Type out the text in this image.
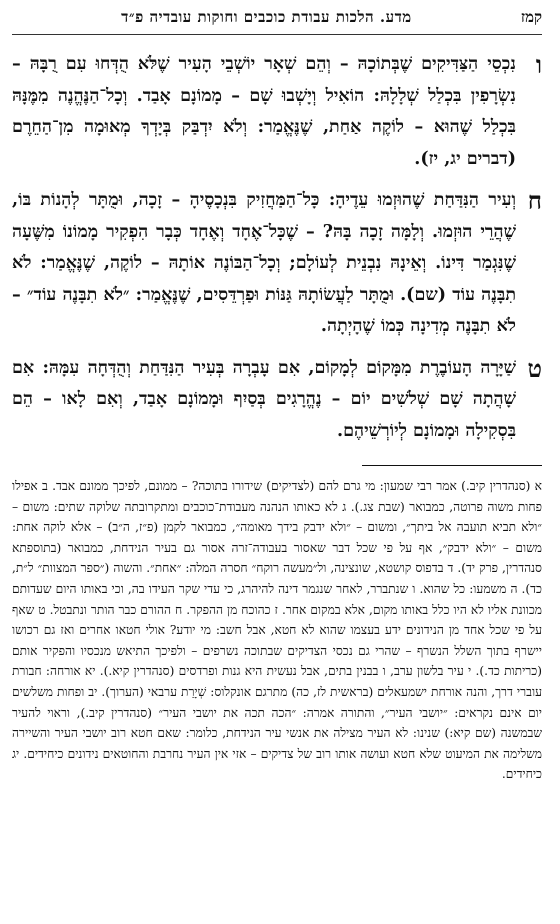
קמז
מדע. הלכות עבודת כוכבים וחוקות עובדיה פ״ד
ו
נִכְסֵי הַצַּדִּיקִים שֶׁבְּתוֹכָהּ – וְהֵם שְׁאָר יוֹשְׁבֵי הָעִיר שֶׁלֹּא הֻדְּחוּ עִם רֻבָּהּ – נִשְׂרָפִין בִּכְלַל שְׁלָלָהּ: הוֹאִיל וְיָשְׁבוּ שָׁם – מָמוֹנָם אָבַד. וְכָל־הַנֶּהֱנֶה מִמֶּנָּהּ בִּכְלַל שֶׁהוּא – לוֹקֶה אַחַת, שֶׁנֶּאֱמַר: וְלֹא יִדְבַּק בְּיָדְךָ מְאוּמָה מִן־הַחֵרֶם (דברים יג, יז).
ח
וְעִיר הַנִּדַּחַת שֶׁהוּזְמוּ עֵדֶיהָ: כָּל־הַמַּחֲזִיק בִּנְכָסֶיהָ – זָכָה, וּמֻתָּר לְהָנוֹת בּוֹ, שֶׁהֲרֵי הוּזְמוּ. וְלָמָּה זָכָה בָּהּ? – שֶׁכָּל־אֶחָד וְאֶחָד כְּבָר הִפְקִיר מָמוֹנוֹ מִשֶּׁעָה שֶׁנִּגְמַר דִּינוֹ. וְאֵינָהּ נִבְנֵית לְעוֹלָם; וְכָל־הַבּוֹנֶה אוֹתָהּ – לוֹקֶה, שֶׁנֶּאֱמַר: לֹא תִבָּנֶה עוֹד (שם). וּמֻתָּר לַעֲשׂוֹתָהּ גַּנּוֹת וּפַרְדֵּסִים, שֶׁנֶּאֱמַר: ״לֹא תִבָּנֶה עוֹד״ – לֹא תִבָּנֶה מְדִינָה כְּמוֹ שֶׁהָיְתָה.
ט
שַׁיָּרָה הָעוֹבֶרֶת מִמָּקוֹם לְמָקוֹם, אִם עָבְרָה בְּעִיר הַנִּדַּחַת וְהֻדְּחָה עִמָּהּ: אִם שָׁהֲתָה שָׁם שְׁלֹשִׁים יוֹם – נֶהֱרָגִים בְּסַיִף וּמָמוֹנָם אָבַד, וְאִם לָאו – הֵם בִּסְקִילָה וּמָמוֹנָם לְיוֹרְשֵׁיהֶם.
א (סנהדרין קיב.) אמר רבי שמעון: מי גרם להם (לצדיקים) שידורו בתוכה? – ממונם, לפיכך ממונם אבד. ב אפילו פחות משוה פרוטה, כמבואר (שבת צג.). ג לא כאותו הנהנה מעבודת־כוכבים ומתקרובתה שלוקה שתים: משום – ״ולא תביא תועבה אל ביתך״, ומשום – ״ולא ידבק בידך מאומה״, כמבואר לקמן (פ״ז, ה״ב) – אלא לוקה אחת: משום – ״ולא ידבק״, אף על פי שכל דבר שאסור בעבודה־זרה אסור גם בעיר הנידחת, כמבואר (בתוספתא סנהדרין, פרק יד). ד בדפוס קושטא, שונצינה, ול״מעשה רוקח״ חסרה המלה: ״אחת״. והשוה (״ספר המצוות״ ל״ת, כד). ה משמעו: כל שהוא. ו שנתברר, לאחר שנגמר דינה להיהרג, כי עדי שקר העידו בה, וכי באותו היום שעדותם מכוונת אליו לא היו כלל באותו מקום, אלא במקום אחר. ז כהוכח מן ההפקר. ח ההורם כבר הותר ונתבטל. ט שאף על פי שכל אחד מן הנידונים ידע בעצמו שהוא לא חטא, אבל חשב: מי יודע? אולי חטאו אחרים ואז גם רכושו יישרף בתוך השלל הנשרף – שהרי גם נכסי הצדיקים שבתוכה נשרפים – ולפיכך התיאש מנכסיו והפקיר אותם (כריתות כד.). י עיר בלשון ערב, ו בבנין בתים, אבל נעשית היא גנות ופרדסים (סנהדרין קיא.). יא אורחה: חבורת עוברי דרך, והנה אורחת ישמעאלים (בראשית לז, כה) מתרגם אונקלוס: שְׁיָרַת ערבאי (הערוך). יב ופחות משלשים יום אינם נקראים: ״יושבי העיר״, והתורה אמרה: ״הכה תכה את יושבי העיר״ (סנהדרין קיב.), וראוי להעיר שבמשנה (שם קיא:) שנינו: לא העיר מצילה את אנשי עיר הנידחת, כלומר: שאם חטא רוב יושבי העיר והשיירה משלימה את המיעוט שלא חטא ועושה אותו רוב של צדיקים – אזי אין העיר נחרבת והחוטאים נידונים כיחידים. יג כיחידים.
